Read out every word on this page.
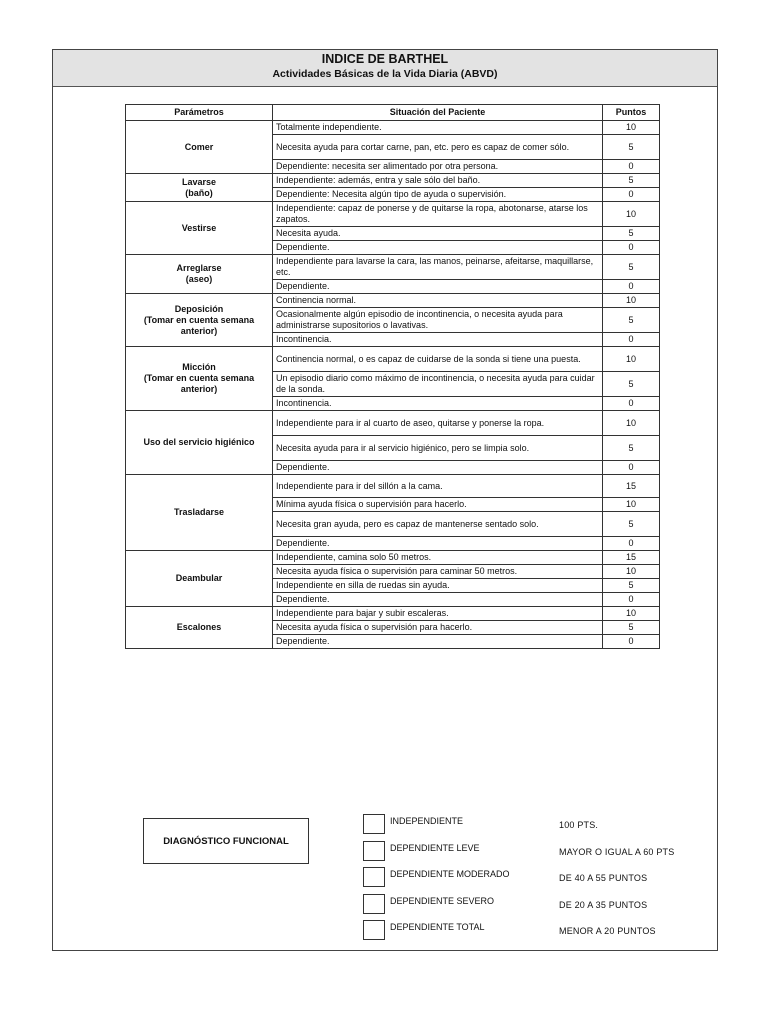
INDICE DE BARTHEL
Actividades Básicas de la Vida Diaria (ABVD)
Parámetros	Situación del Paciente	Puntos
Comer	Totalmente independiente.	10
	Necesita ayuda para cortar carne, pan, etc. pero es capaz de comer sólo.	5
	Dependiente: necesita ser alimentado por otra persona.	0
Lavarse
(baño)	Independiente: además, entra y sale sólo del baño.	5
	Dependiente: Necesita algún tipo de ayuda o supervisión.	0
Vestirse	Independiente: capaz de ponerse y de quitarse la ropa, abotonarse, atarse los zapatos.	10
	Necesita ayuda.	5
	Dependiente.	0
Arreglarse
(aseo)	Independiente para lavarse la cara, las manos, peinarse, afeitarse, maquillarse, etc.	5
	Dependiente.	0
Deposición
(Tomar en cuenta semana anterior)	Continencia normal.	10
	Ocasionalmente algún episodio de incontinencia, o necesita ayuda para administrarse supositorios o lavativas.	5
	Incontinencia.	0
Micción
(Tomar en cuenta semana anterior)	Continencia normal, o es capaz de cuidarse de la sonda si tiene una puesta.	10
	Un episodio diario como máximo de incontinencia, o necesita ayuda para cuidar de la sonda.	5
	Incontinencia.	0
Uso del servicio higiénico	Independiente para ir al cuarto de aseo, quitarse y ponerse la ropa.	10
	Necesita ayuda para ir al servicio higiénico, pero se limpia solo.	5
	Dependiente.	0
Trasladarse	Independiente para ir del sillón a la cama.	15
	Mínima ayuda física o supervisión para hacerlo.	10
	Necesita gran ayuda, pero es capaz de mantenerse sentado solo.	5
	Dependiente.	0
Deambular	Independiente, camina solo 50 metros.	15
	Necesita ayuda física o supervisión para caminar 50 metros.	10
	Independiente en silla de ruedas sin ayuda.	5
	Dependiente.	0
Escalones	Independiente para bajar y subir escaleras.	10
	Necesita ayuda física o supervisión para hacerlo.	5
	Dependiente.	0
DIAGNÓSTICO FUNCIONAL
INDEPENDIENTE	100 PTS.
DEPENDIENTE LEVE	MAYOR O IGUAL A 60 PTS
DEPENDIENTE MODERADO	DE 40 A 55 PUNTOS
DEPENDIENTE SEVERO	DE 20 A 35 PUNTOS
DEPENDIENTE TOTAL	MENOR A 20 PUNTOS
